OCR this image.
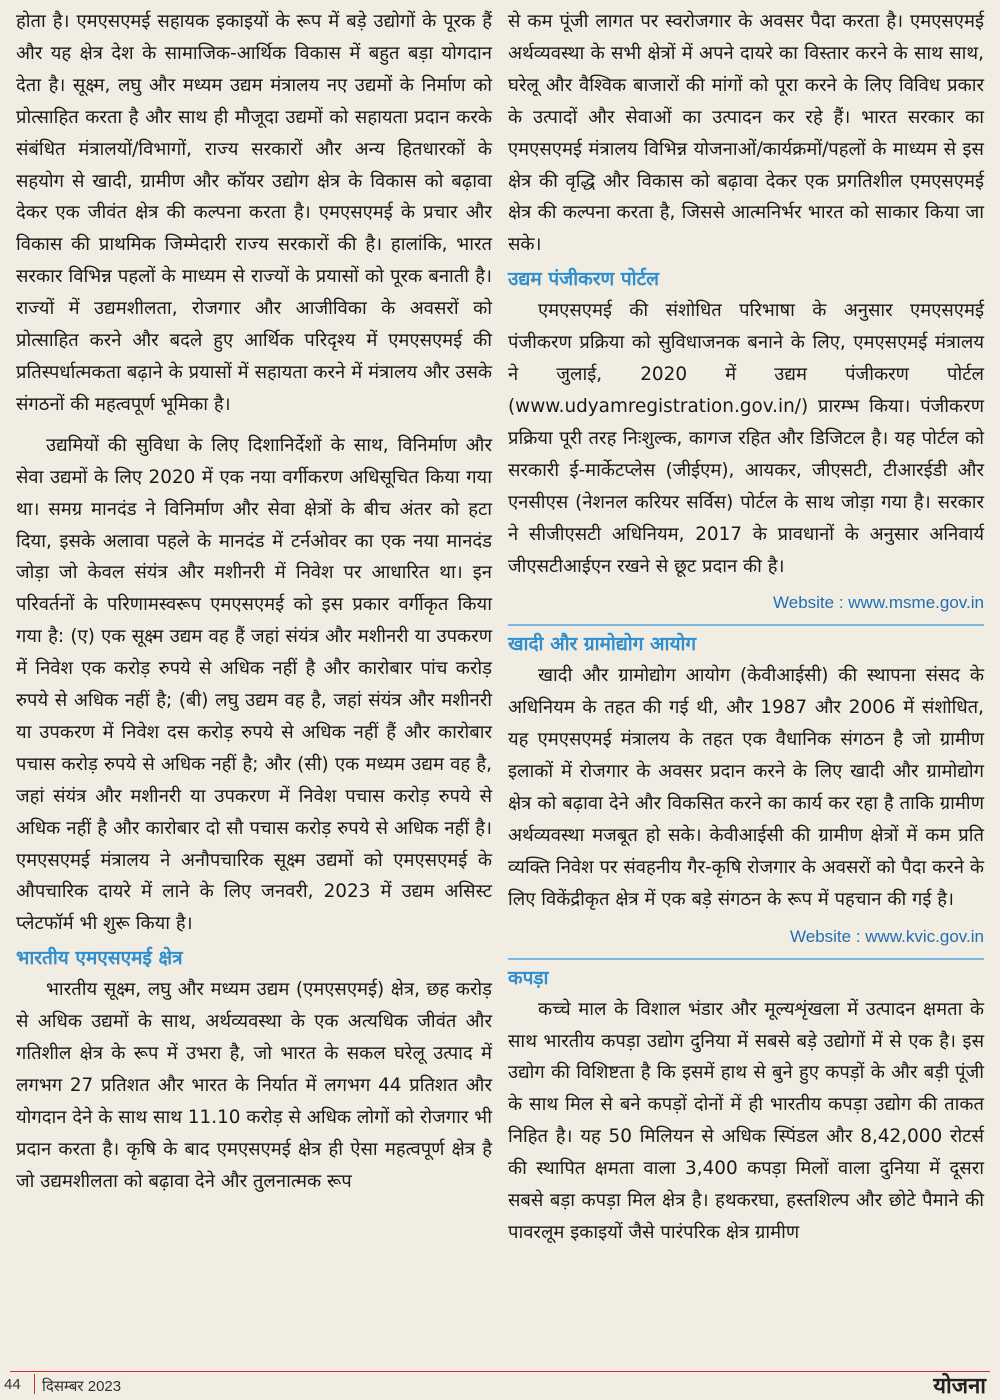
होता है। एमएसएमई सहायक इकाइयों के रूप में बड़े उद्योगों के पूरक हैं और यह क्षेत्र देश के सामाजिक-आर्थिक विकास में बहुत बड़ा योगदान देता है। सूक्ष्म, लघु और मध्यम उद्यम मंत्रालय नए उद्यमों के निर्माण को प्रोत्साहित करता है और साथ ही मौजूदा उद्यमों को सहायता प्रदान करके संबंधित मंत्रालयों/विभागों, राज्य सरकारों और अन्य हितधारकों के सहयोग से खादी, ग्रामीण और कॉयर उद्योग क्षेत्र के विकास को बढ़ावा देकर एक जीवंत क्षेत्र की कल्पना करता है। एमएसएमई के प्रचार और विकास की प्राथमिक जिम्मेदारी राज्य सरकारों की है। हालांकि, भारत सरकार विभिन्न पहलों के माध्यम से राज्यों के प्रयासों को पूरक बनाती है। राज्यों में उद्यमशीलता, रोजगार और आजीविका के अवसरों को प्रोत्साहित करने और बदले हुए आर्थिक परिदृश्य में एमएसएमई की प्रतिस्पर्धात्मकता बढ़ाने के प्रयासों में सहायता करने में मंत्रालय और उसके संगठनों की महत्वपूर्ण भूमिका है।

उद्यमियों की सुविधा के लिए दिशानिर्देशों के साथ, विनिर्माण और सेवा उद्यमों के लिए 2020 में एक नया वर्गीकरण अधिसूचित किया गया था। समग्र मानदंड ने विनिर्माण और सेवा क्षेत्रों के बीच अंतर को हटा दिया, इसके अलावा पहले के मानदंड में टर्नओवर का एक नया मानदंड जोड़ा जो केवल संयंत्र और मशीनरी में निवेश पर आधारित था। इन परिवर्तनों के परिणामस्वरूप एमएसएमई को इस प्रकार वर्गीकृत किया गया है: (ए) एक सूक्ष्म उद्यम वह हैं जहां संयंत्र और मशीनरी या उपकरण में निवेश एक करोड़ रुपये से अधिक नहीं है और कारोबार पांच करोड़ रुपये से अधिक नहीं है; (बी) लघु उद्यम वह है, जहां संयंत्र और मशीनरी या उपकरण में निवेश दस करोड़ रुपये से अधिक नहीं हैं और कारोबार पचास करोड़ रुपये से अधिक नहीं है; और (सी) एक मध्यम उद्यम वह है, जहां संयंत्र और मशीनरी या उपकरण में निवेश पचास करोड़ रुपये से अधिक नहीं है और कारोबार दो सौ पचास करोड़ रुपये से अधिक नहीं है। एमएसएमई मंत्रालय ने अनौपचारिक सूक्ष्म उद्यमों को एमएसएमई के औपचारिक दायरे में लाने के लिए जनवरी, 2023 में उद्यम असिस्ट प्लेटफॉर्म भी शुरू किया है।

भारतीय एमएसएमई क्षेत्र

भारतीय सूक्ष्म, लघु और मध्यम उद्यम (एमएसएमई) क्षेत्र, छह करोड़ से अधिक उद्यमों के साथ, अर्थव्यवस्था के एक अत्यधिक जीवंत और गतिशील क्षेत्र के रूप में उभरा है, जो भारत के सकल घरेलू उत्पाद में लगभग 27 प्रतिशत और भारत के निर्यात में लगभग 44 प्रतिशत और योगदान देने के साथ साथ 11.10 करोड़ से अधिक लोगों को रोजगार भी प्रदान करता है। कृषि के बाद एमएसएमई क्षेत्र ही ऐसा महत्वपूर्ण क्षेत्र है जो उद्यमशीलता को बढ़ावा देने और तुलनात्मक रूप

से कम पूंजी लागत पर स्वरोजगार के अवसर पैदा करता है। एमएसएमई अर्थव्यवस्था के सभी क्षेत्रों में अपने दायरे का विस्तार करने के साथ साथ, घरेलू और वैश्विक बाजारों की मांगों को पूरा करने के लिए विविध प्रकार के उत्पादों और सेवाओं का उत्पादन कर रहे हैं। भारत सरकार का एमएसएमई मंत्रालय विभिन्न योजनाओं/कार्यक्रमों/पहलों के माध्यम से इस क्षेत्र की वृद्धि और विकास को बढ़ावा देकर एक प्रगतिशील एमएसएमई क्षेत्र की कल्पना करता है, जिससे आत्मनिर्भर भारत को साकार किया जा सके।

उद्यम पंजीकरण पोर्टल

एमएसएमई की संशोधित परिभाषा के अनुसार एमएसएमई पंजीकरण प्रक्रिया को सुविधाजनक बनाने के लिए, एमएसएमई मंत्रालय ने जुलाई, 2020 में उद्यम पंजीकरण पोर्टल (www.udyamregistration.gov.in/) प्रारम्भ किया। पंजीकरण प्रक्रिया पूरी तरह निःशुल्क, कागज रहित और डिजिटल है। यह पोर्टल को सरकारी ई-मार्केटप्लेस (जीईएम), आयकर, जीएसटी, टीआरईडी और एनसीएस (नेशनल करियर सर्विस) पोर्टल के साथ जोड़ा गया है। सरकार ने सीजीएसटी अधिनियम, 2017 के प्रावधानों के अनुसार अनिवार्य जीएसटीआईएन रखने से छूट प्रदान की है।

Website : www.msme.gov.in
खादी और ग्रामोद्योग आयोग

खादी और ग्रामोद्योग आयोग (केवीआईसी) की स्थापना संसद के अधिनियम के तहत की गई थी, और 1987 और 2006 में संशोधित, यह एमएसएमई मंत्रालय के तहत एक वैधानिक संगठन है जो ग्रामीण इलाकों में रोजगार के अवसर प्रदान करने के लिए खादी और ग्रामोद्योग क्षेत्र को बढ़ावा देने और विकसित करने का कार्य कर रहा है ताकि ग्रामीण अर्थव्यवस्था मजबूत हो सके। केवीआईसी की ग्रामीण क्षेत्रों में कम प्रति व्यक्ति निवेश पर संवहनीय गैर-कृषि रोजगार के अवसरों को पैदा करने के लिए विकेंद्रीकृत क्षेत्र में एक बड़े संगठन के रूप में पहचान की गई है।

Website : www.kvic.gov.in
कपड़ा

कच्चे माल के विशाल भंडार और मूल्यशृंखला में उत्पादन क्षमता के साथ भारतीय कपड़ा उद्योग दुनिया में सबसे बड़े उद्योगों में से एक है। इस उद्योग की विशिष्टता है कि इसमें हाथ से बुने हुए कपड़ों के और बड़ी पूंजी के साथ मिल से बने कपड़ों दोनों में ही भारतीय कपड़ा उद्योग की ताकत निहित है। यह 50 मिलियन से अधिक स्पिंडल और 8,42,000 रोटर्स की स्थापित क्षमता वाला 3,400 कपड़ा मिलों वाला दुनिया में दूसरा सबसे बड़ा कपड़ा मिल क्षेत्र है। हथकरघा, हस्तशिल्प और छोटे पैमाने की पावरलूम इकाइयों जैसे पारंपरिक क्षेत्र ग्रामीण

44 दिसम्बर 2023	योजना
